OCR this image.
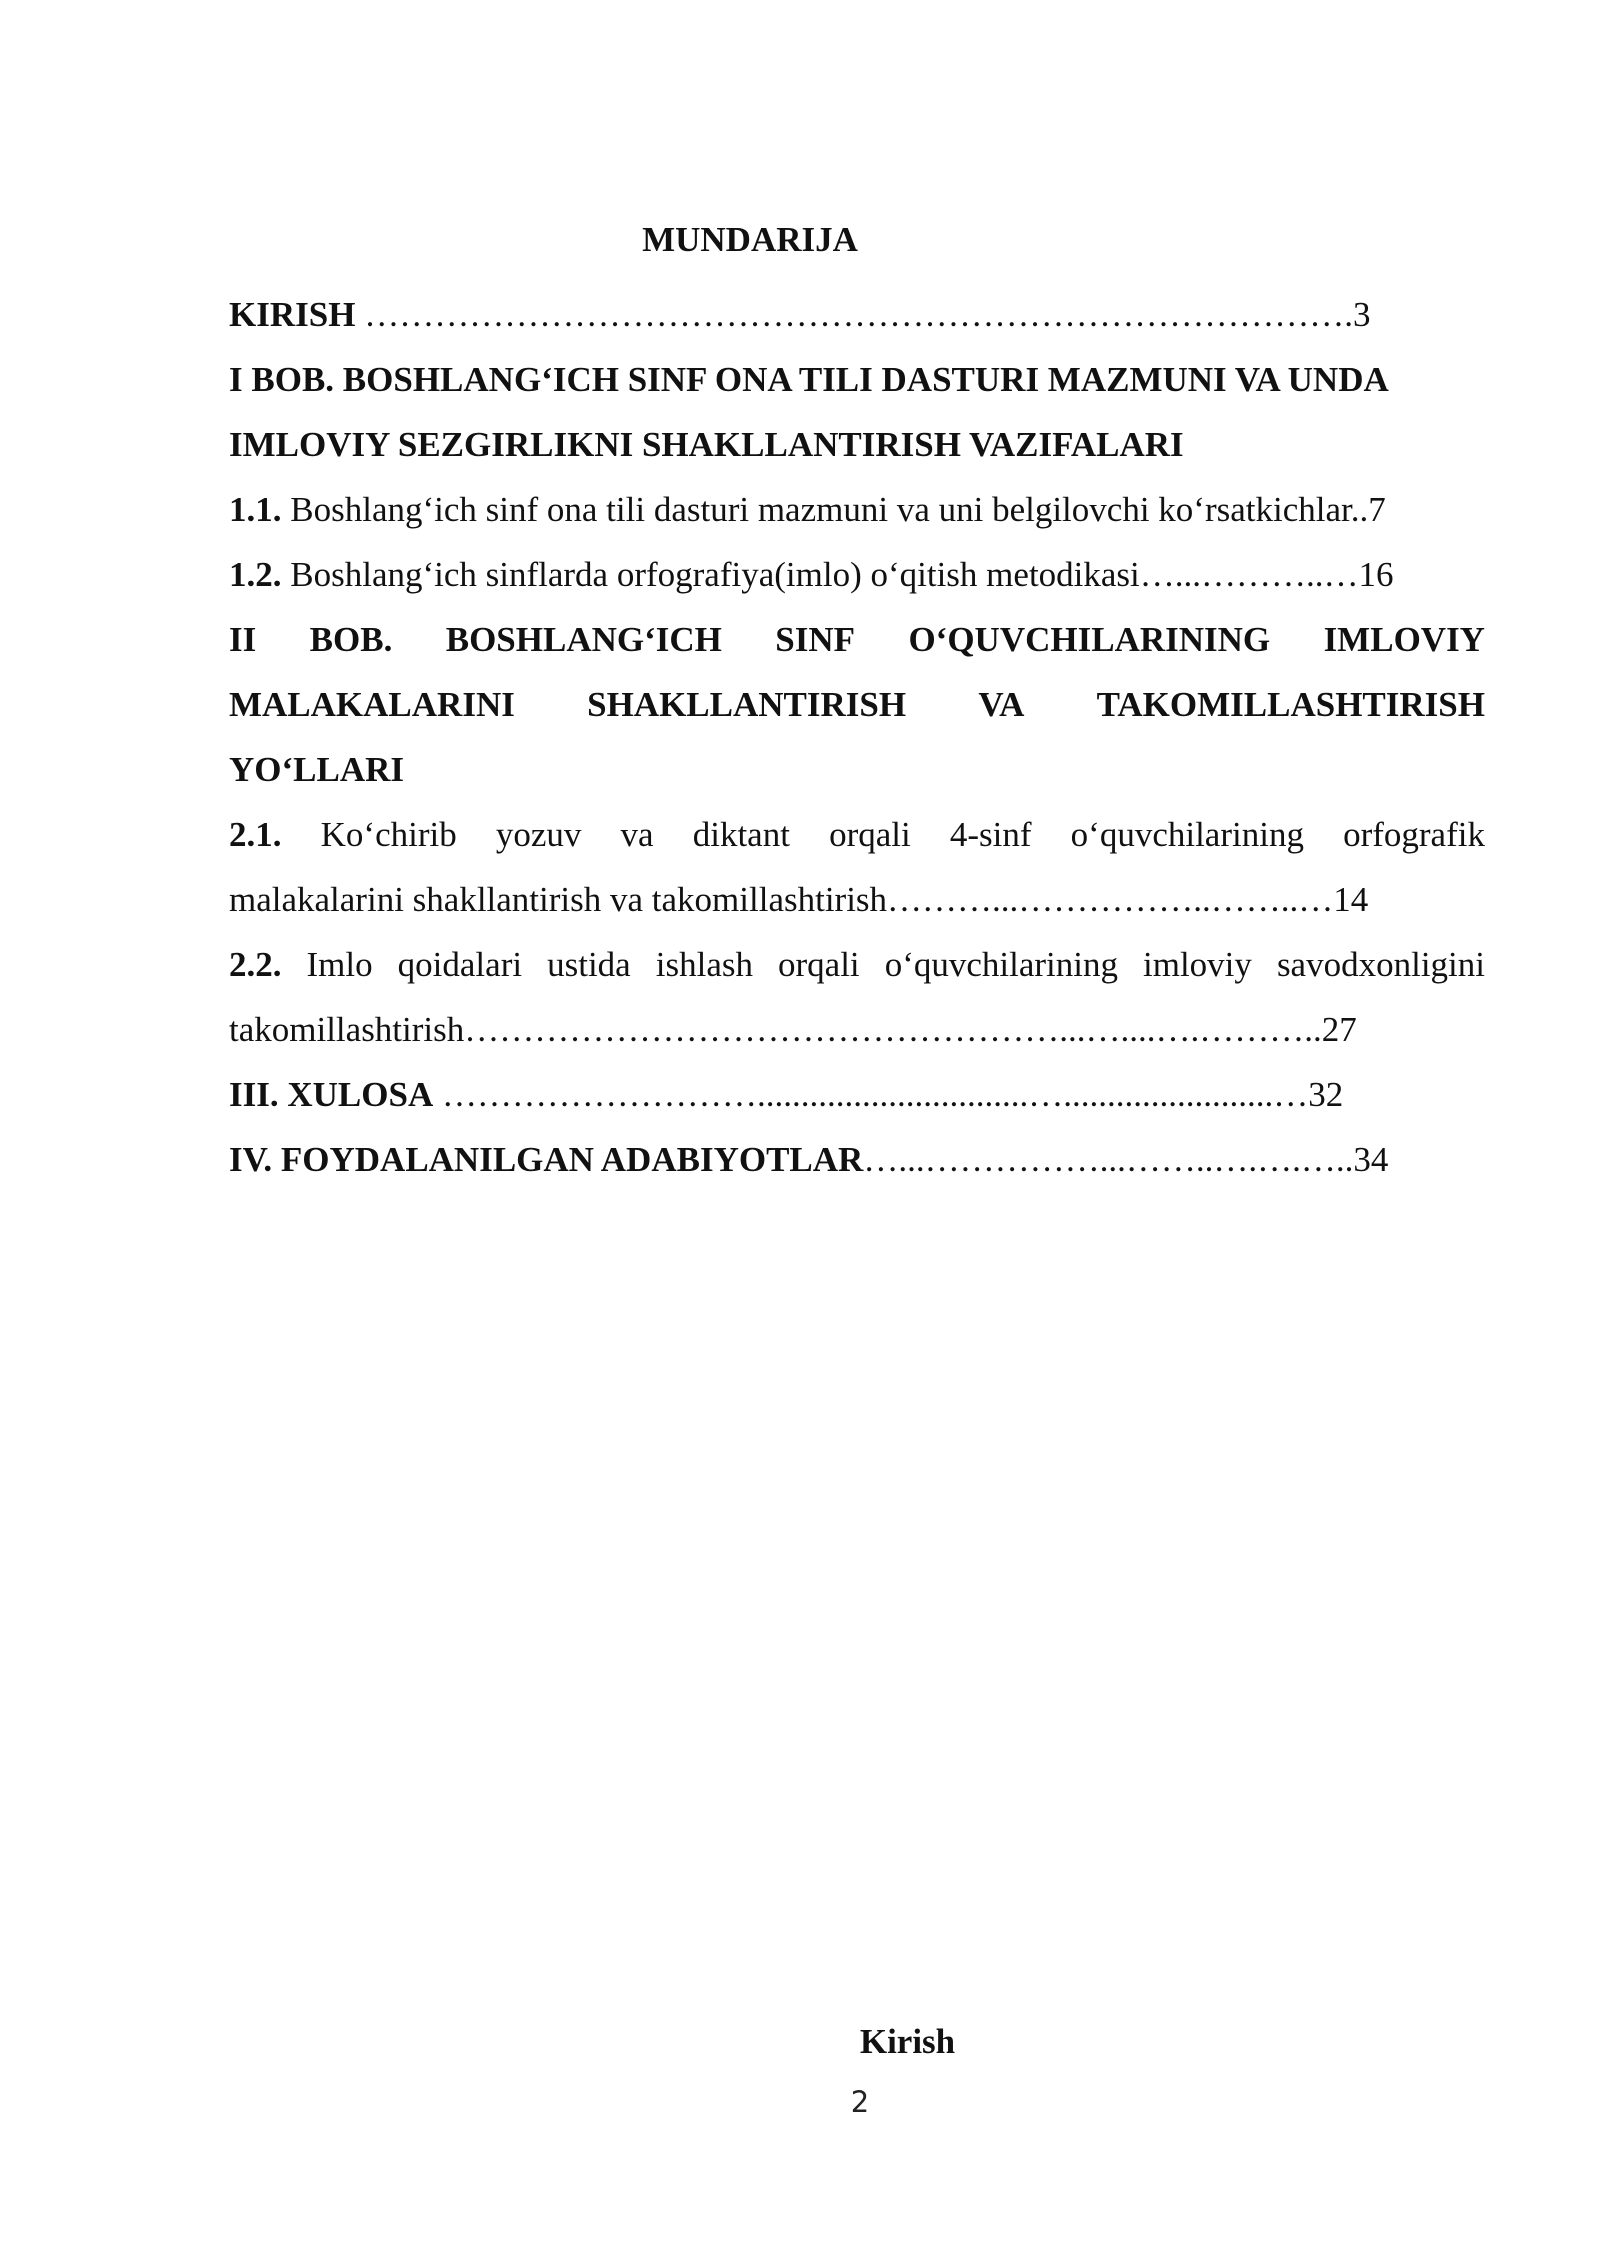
MUNDARIJA
KIRISH ………………………………………………………………………….3
I BOB. BOSHLANG‘ICH SINF ONA TILI DASTURI MAZMUNI VA UNDA
IMLOVIY SEZGIRLIKNI SHAKLLANTIRISH VAZIFALARI
1.1. Boshlang‘ich sinf ona tili dasturi mazmuni va uni belgilovchi ko‘rsatkichlar..7
1.2. Boshlang‘ich sinflarda orfografiya(imlo) o‘qitish metodikasi…...………..…16
II BOB. BOSHLANG‘ICH SINF O‘QUVCHILARINING IMLOVIY
MALAKALARINI SHAKLLANTIRISH VA TAKOMILLASHTIRISH
YO‘LLARI
2.1. Ko‘chirib yozuv va diktant orqali 4-sinf o‘quvchilarining orfografik
malakalarini shakllantirish va takomillashtirish………...……………..……..…14
2.2. Imlo qoidalari ustida ishlash orqali o‘quvchilarining imloviy savodxonligini
takomillashtirish……………………………………………...…....….………..27
III. XULOSA ………………………...............................…........................…32
IV. FOYDALANILGAN ADABIYOTLAR…...……………...……..….….…..34
Kirish
2
